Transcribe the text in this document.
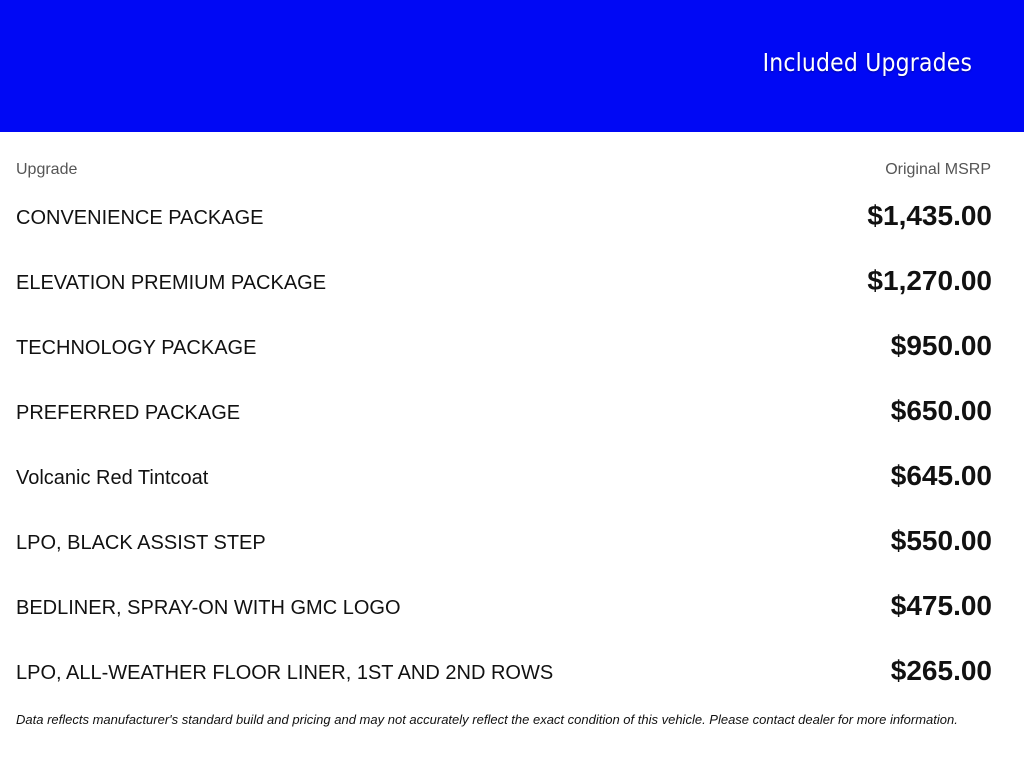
Included Upgrades
Upgrade	Original MSRP
CONVENIENCE PACKAGE	$1,435.00
ELEVATION PREMIUM PACKAGE	$1,270.00
TECHNOLOGY PACKAGE	$950.00
PREFERRED PACKAGE	$650.00
Volcanic Red Tintcoat	$645.00
LPO, BLACK ASSIST STEP	$550.00
BEDLINER, SPRAY-ON WITH GMC LOGO	$475.00
LPO, ALL-WEATHER FLOOR LINER, 1ST AND 2ND ROWS	$265.00
Data reflects manufacturer's standard build and pricing and may not accurately reflect the exact condition of this vehicle. Please contact dealer for more information.
